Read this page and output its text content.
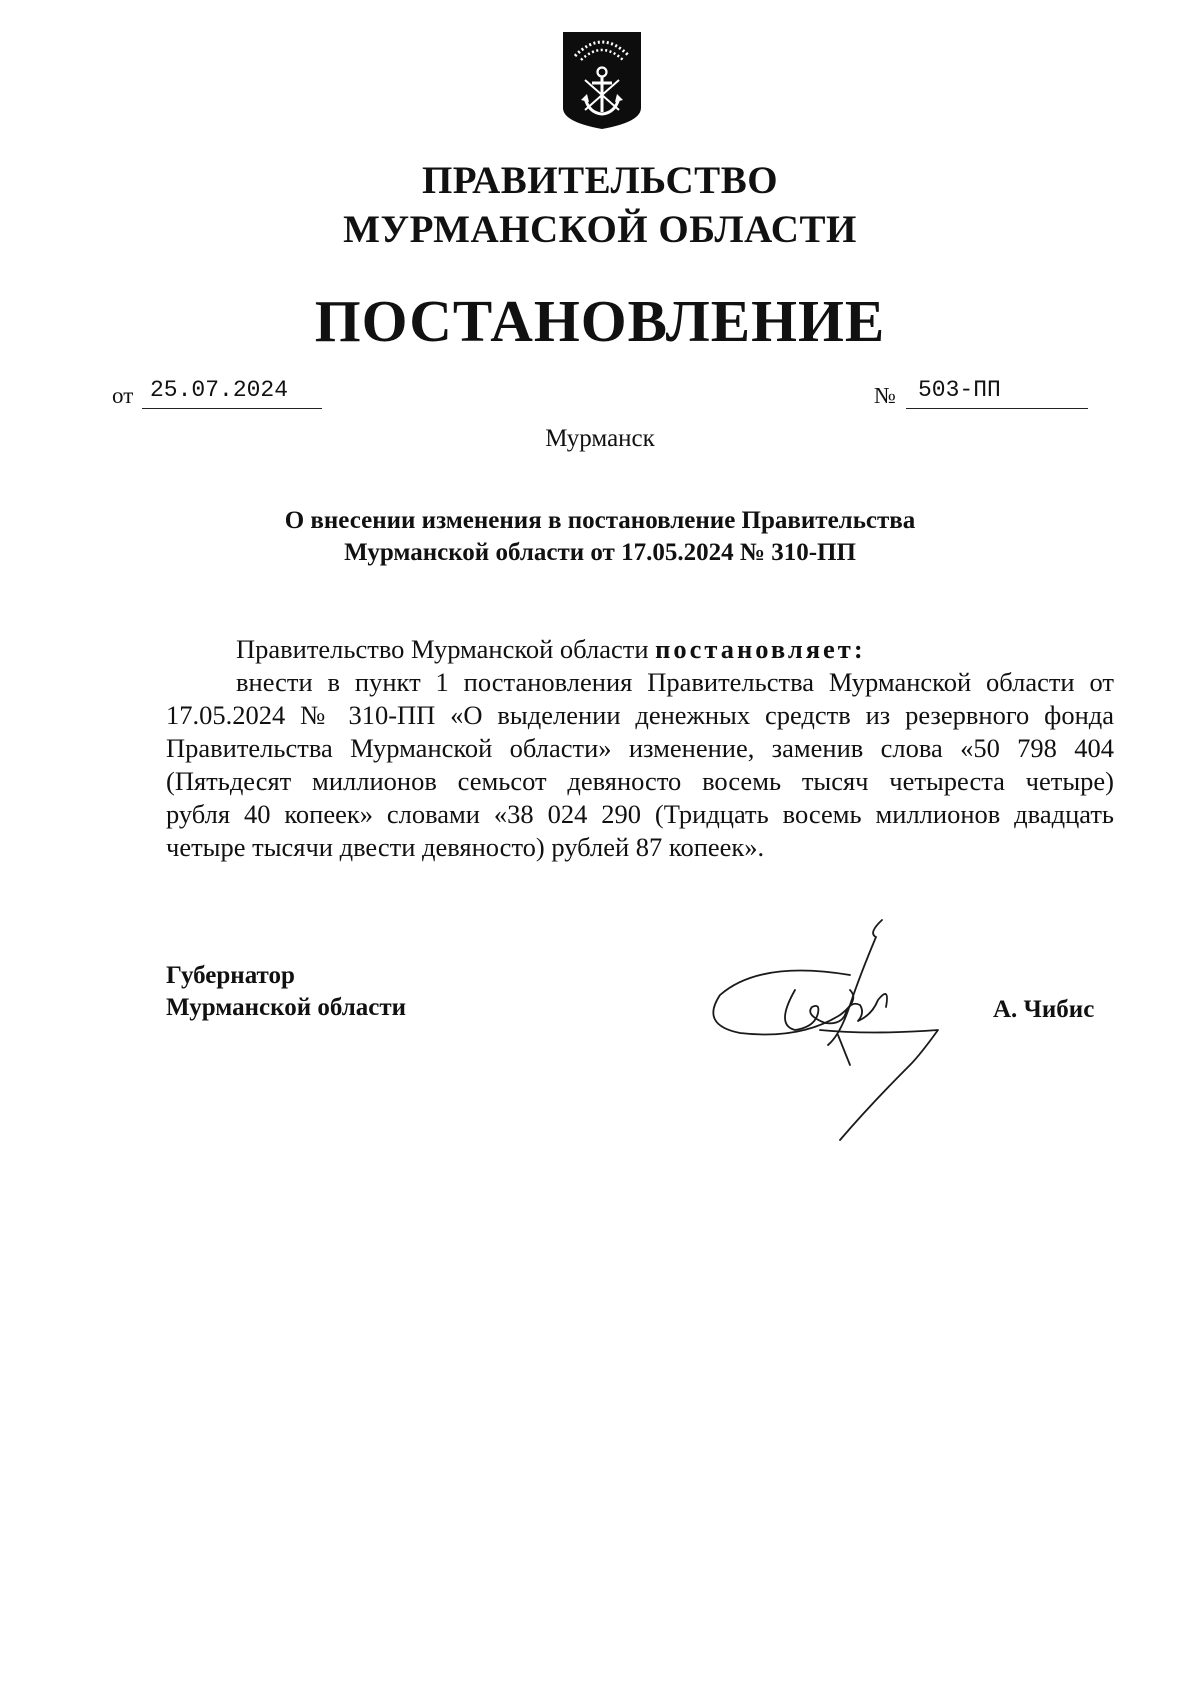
ПРАВИТЕЛЬСТВО
МУРМАНСКОЙ ОБЛАСТИ
ПОСТАНОВЛЕНИЕ
от 25.07.2024	№ 503-ПП
Мурманск
О внесении изменения в постановление Правительства
Мурманской области от 17.05.2024 № 310-ПП
Правительство Мурманской области постановляет:
внести в пункт 1 постановления Правительства Мурманской области от
17.05.2024 № 310-ПП «О выделении денежных средств из резервного фонда
Правительства Мурманской области» изменение, заменив слова «50 798 404
(Пятьдесят миллионов семьсот девяносто восемь тысяч четыреста четыре)
рубля 40 копеек» словами «38 024 290 (Тридцать восемь миллионов двадцать
четыре тысячи двести девяносто) рублей 87 копеек».
Губернатор
Мурманской области	А. Чибис
